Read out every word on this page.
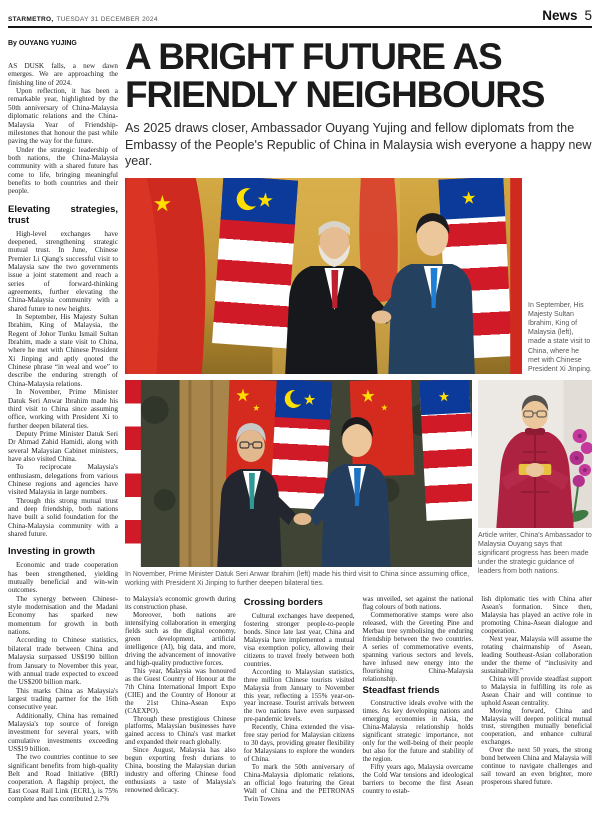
STARMETRO, TUESDAY 31 DECEMBER 2024	News 5
By OUYANG YUJING

AS DUSK falls, a new dawn emerges. We are approaching the finishing line of 2024.

Upon reflection, it has been a remarkable year, highlighted by the 50th anniversary of China-Malaysia diplomatic relations and the China-Malaysia Year of Friendship-milestones that honour the past while paving the way for the future.

Under the strategic leadership of both nations, the China-Malaysia community with a shared future has come to life, bringing meaningful benefits to both countries and their people.

Elevating strategies, trust

High-level exchanges have deepened, strengthening strategic mutual trust. In June, Chinese Premier Li Qiang's successful visit to Malaysia saw the two governments issue a joint statement and reach a series of forward-thinking agreements, further elevating the China-Malaysia community with a shared future to new heights.

In September, His Majesty Sultan Ibrahim, King of Malaysia, the Regent of Johor Tunku Ismail Sultan Ibrahim, made a state visit to China, where he met with Chinese President Xi Jinping and aptly quoted the Chinese phrase “in weal and woe” to describe the enduring strength of China-Malaysia relations.

In November, Prime Minister Datuk Seri Anwar Ibrahim made his third visit to China since assuming office, working with President Xi to further deepen bilateral ties.

Deputy Prime Minister Datuk Seri Dr Ahmad Zahid Hamidi, along with several Malaysian Cabinet ministers, have also visited China.

To reciprocate Malaysia's enthusiasm, delegations from various Chinese regions and agencies have visited Malaysia in large numbers.

Through this strong mutual trust and deep friendship, both nations have built a solid foundation for the China-Malaysia community with a shared future.

Investing in growth

Economic and trade cooperation has been strengthened, yielding mutually beneficial and win-win outcomes.

The synergy between Chinese-style modernisation and the Madani Economy has sparked new momentum for growth in both nations.

According to Chinese statistics, bilateral trade between China and Malaysia surpassed US$190 billion from January to November this year, with annual trade expected to exceed the US$200 billion mark.

This marks China as Malaysia's largest trading partner for the 16th consecutive year.

Additionally, China has remained Malaysia's top source of foreign investment for several years, with cumulative investments exceeding US$19 billion.

The two countries continue to see significant benefits from high-quality Belt and Road Initiative (BRI) cooperation. A flagship project, the East Coast Rail Link (ECRL), is 75% complete and has contributed 2.7%

A BRIGHT FUTURE AS
FRIENDLY NEIGHBOURS
As 2025 draws closer, Ambassador Ouyang Yujing and fellow diplomats from the Embassy of the People's Republic of China in Malaysia wish everyone a happy new year.
In September, His Majesty Sultan Ibrahim, King of Malaysia (left), made a state visit to China, where he met with Chinese President Xi Jinping.
In November, Prime Minister Datuk Seri Anwar Ibrahim (left) made his third visit to China since assuming office, working with President Xi Jinping to further deepen bilateral ties.
Article writer, China's Ambassador to Malaysia Ouyang says that significant progress has been made under the strategic guidance of leaders from both nations.

to Malaysia's economic growth during its construction phase.

Moreover, both nations are intensifying collaboration in emerging fields such as the digital economy, green development, artificial intelligence (AI), big data, and more, driving the advancement of innovative and high-quality productive forces.

This year, Malaysia was honoured as the Guest Country of Honour at the 7th China International Import Expo (CIIE) and the Country of Honour at the 21st China-Asean Expo (CAEXPO).

Through these prestigious Chinese platforms, Malaysian businesses have gained access to China's vast market and expanded their reach globally.

Since August, Malaysia has also begun exporting fresh durians to China, boosting the Malaysian durian industry and offering Chinese food enthusiasts a taste of Malaysia's renowned delicacy.

Crossing borders

Cultural exchanges have deepened, fostering stronger people-to-people bonds. Since late last year, China and Malaysia have implemented a mutual visa exemption policy, allowing their citizens to travel freely between both countries.

According to Malaysian statistics, three million Chinese tourists visited Malaysia from January to November this year, reflecting a 155% year-on-year increase. Tourist arrivals between the two nations have even surpassed pre-pandemic levels.

Recently, China extended the visa-free stay period for Malaysian citizens to 30 days, providing greater flexibility for Malaysians to explore the wonders of China.

To mark the 50th anniversary of China-Malaysia diplomatic relations, an official logo featuring the Great Wall of China and the PETRONAS Twin Towers

was unveiled, set against the national flag colours of both nations.

Commemorative stamps were also released, with the Greeting Pine and Merbau tree symbolising the enduring friendship between the two countries. A series of commemorative events, spanning various sectors and levels, have infused new energy into the flourishing China-Malaysia relationship.

Steadfast friends

Constructive ideals evolve with the times. As key developing nations and emerging economies in Asia, the China-Malaysia relationship holds significant strategic importance, not only for the well-being of their people but also for the future and stability of the region.

Fifty years ago, Malaysia overcame the Cold War tensions and ideological barriers to become the first Asean country to estab-

lish diplomatic ties with China after Asean's formation. Since then, Malaysia has played an active role in promoting China-Asean dialogue and cooperation.

Next year, Malaysia will assume the rotating chairmanship of Asean, leading Southeast-Asian collaboration under the theme of “inclusivity and sustainability.”

China will provide steadfast support to Malaysia in fulfilling its role as Asean Chair and will continue to uphold Asean centrality.

Moving forward, China and Malaysia will deepen political mutual trust, strengthen mutually beneficial cooperation, and enhance cultural exchanges.

Over the next 50 years, the strong bond between China and Malaysia will continue to navigate challenges and sail toward an even brighter, more prosperous shared future.
